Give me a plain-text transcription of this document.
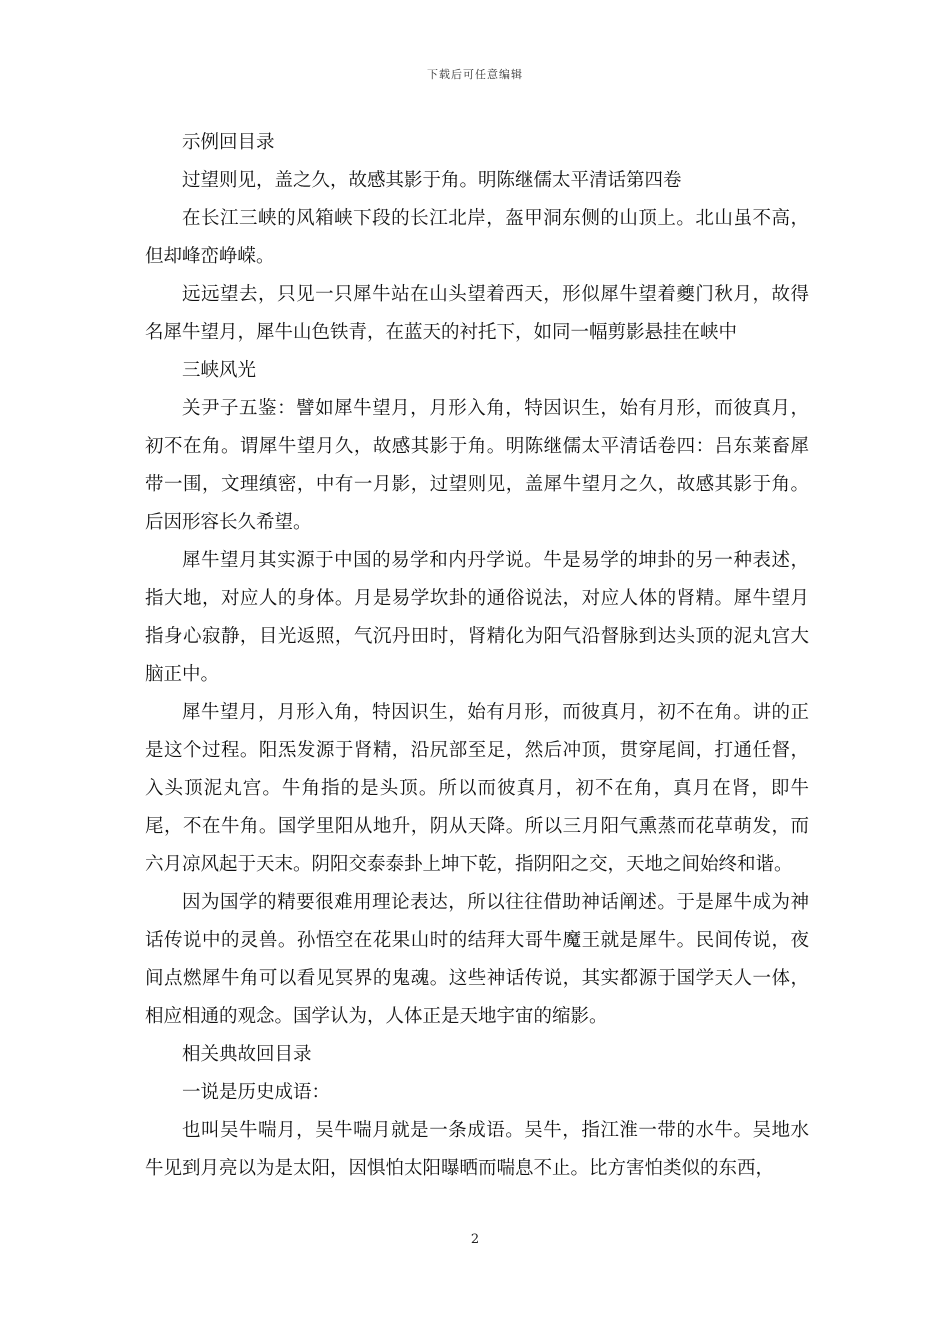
下载后可任意编辑

示例回目录

过望则见，盖之久，故感其影于角。明陈继儒太平清话第四卷

在长江三峡的风箱峡下段的长江北岸，盔甲洞东侧的山顶上。北山虽不高，但却峰峦峥嵘。

远远望去，只见一只犀牛站在山头望着西天，形似犀牛望着夔门秋月，故得名犀牛望月，犀牛山色铁青，在蓝天的衬托下，如同一幅剪影悬挂在峡中

三峡风光

关尹子五鉴：譬如犀牛望月，月形入角，特因识生，始有月形，而彼真月，初不在角。谓犀牛望月久，故感其影于角。明陈继儒太平清话卷四：吕东莱畜犀带一围，文理缜密，中有一月影，过望则见，盖犀牛望月之久，故感其影于角。后因形容长久希望。

犀牛望月其实源于中国的易学和内丹学说。牛是易学的坤卦的另一种表述，指大地，对应人的身体。月是易学坎卦的通俗说法，对应人体的肾精。犀牛望月指身心寂静，目光返照，气沉丹田时，肾精化为阳气沿督脉到达头顶的泥丸宫大脑正中。

犀牛望月，月形入角，特因识生，始有月形，而彼真月，初不在角。讲的正是这个过程。阳炁发源于肾精，沿尻部至足，然后冲顶，贯穿尾闾，打通任督，入头顶泥丸宫。牛角指的是头顶。所以而彼真月，初不在角，真月在肾，即牛尾，不在牛角。国学里阳从地升，阴从天降。所以三月阳气熏蒸而花草萌发，而六月凉风起于天末。阴阳交泰泰卦上坤下乾，指阴阳之交，天地之间始终和谐。

因为国学的精要很难用理论表达，所以往往借助神话阐述。于是犀牛成为神话传说中的灵兽。孙悟空在花果山时的结拜大哥牛魔王就是犀牛。民间传说，夜间点燃犀牛角可以看见冥界的鬼魂。这些神话传说，其实都源于国学天人一体，相应相通的观念。国学认为，人体正是天地宇宙的缩影。

相关典故回目录

一说是历史成语：

也叫吴牛喘月，吴牛喘月就是一条成语。吴牛，指江淮一带的水牛。吴地水牛见到月亮以为是太阳，因惧怕太阳曝晒而喘息不止。比方害怕类似的东西，

2
